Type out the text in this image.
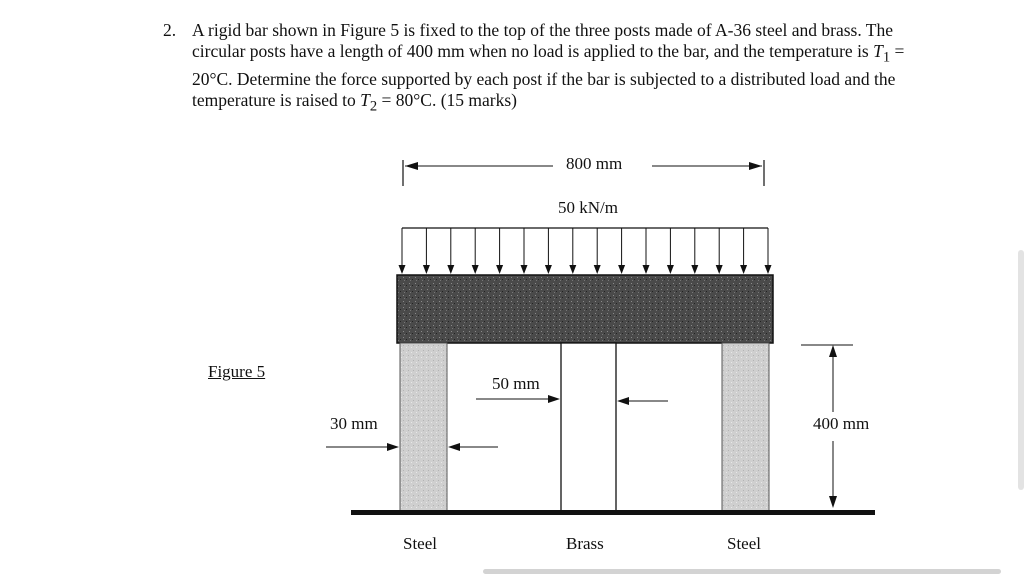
2. A rigid bar shown in Figure 5 is fixed to the top of the three posts made of A-36 steel and brass. The circular posts have a length of 400 mm when no load is applied to the bar, and the temperature is $T_1 = 20^\circ C$. Determine the force supported by each post if the bar is subjected to a distributed load and the temperature is raised to $T_2 = 80^\circ C$. (15 marks)
800 mm
50 kN/m
Figure 5
50 mm
30 mm	400 mm
Steel	Brass	Steel
